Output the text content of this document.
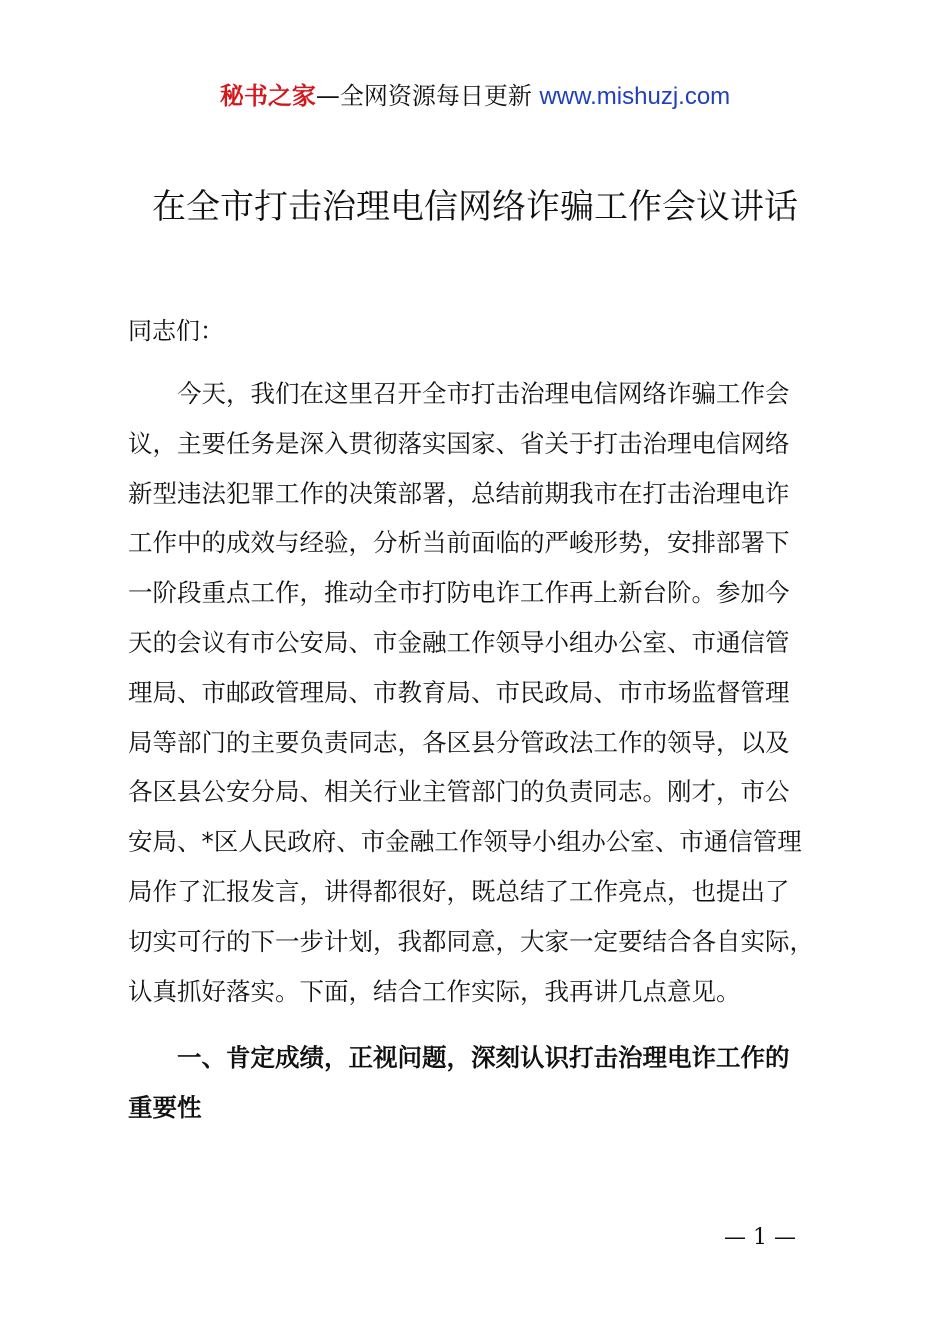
秘书之家—全网资源每日更新 www.mishuzj.com
在全市打击治理电信网络诈骗工作会议讲话
同志们：
今天，我们在这里召开全市打击治理电信网络诈骗工作会
议，主要任务是深入贯彻落实国家、省关于打击治理电信网络
新型违法犯罪工作的决策部署，总结前期我市在打击治理电诈
工作中的成效与经验，分析当前面临的严峻形势，安排部署下
一阶段重点工作，推动全市打防电诈工作再上新台阶。参加今
天的会议有市公安局、市金融工作领导小组办公室、市通信管
理局、市邮政管理局、市教育局、市民政局、市市场监督管理
局等部门的主要负责同志，各区县分管政法工作的领导，以及
各区县公安分局、相关行业主管部门的负责同志。刚才，市公
安局、*区人民政府、市金融工作领导小组办公室、市通信管理
局作了汇报发言，讲得都很好，既总结了工作亮点，也提出了
切实可行的下一步计划，我都同意，大家一定要结合各自实际，
认真抓好落实。下面，结合工作实际，我再讲几点意见。
一、肯定成绩，正视问题，深刻认识打击治理电诈工作的
重要性
— 1 —
